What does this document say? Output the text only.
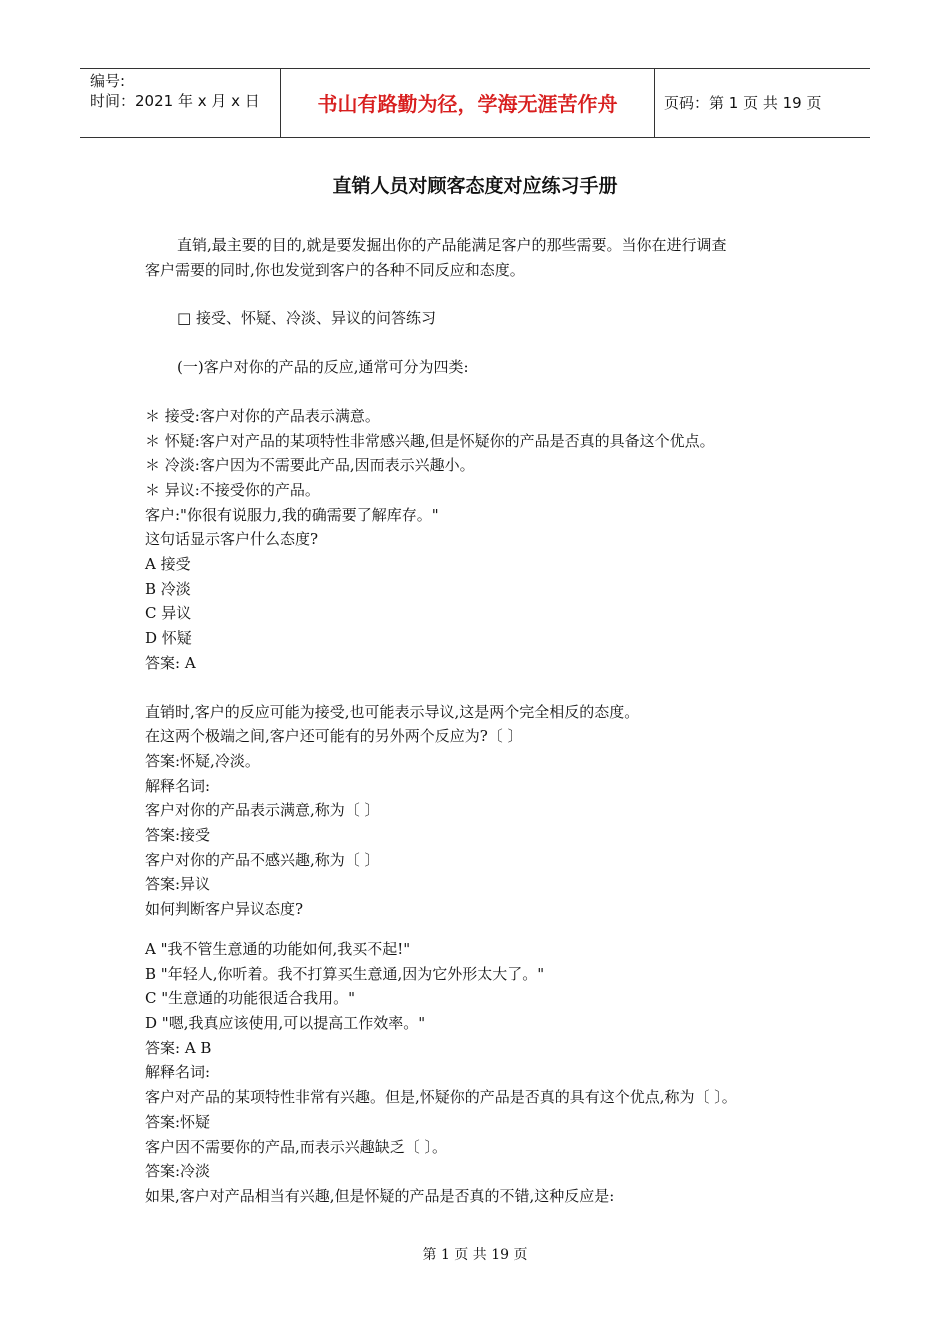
编号:
时间：2021 年 x 月 x 日	书山有路勤为径，学海无涯苦作舟	页码：第 1 页 共 19 页
直销人员对顾客态度对应练习手册

直销,最主要的目的,就是要发掘出你的产品能满足客户的那些需要。当你在进行调查

客户需要的同时,你也发觉到客户的各种不同反应和态度。

□ 接受、怀疑、冷淡、异议的问答练习

(一)客户对你的产品的反应,通常可分为四类:

＊ 接受:客户对你的产品表示满意。

＊ 怀疑:客户对产品的某项特性非常感兴趣,但是怀疑你的产品是否真的具备这个优点。

＊ 冷淡:客户因为不需要此产品,因而表示兴趣小。

＊ 异议:不接受你的产品。

客户:"你很有说服力,我的确需要了解库存。"

这句话显示客户什么态度?

A 接受

B 冷淡

C 异议

D 怀疑

答案: A

直销时,客户的反应可能为接受,也可能表示导议,这是两个完全相反的态度。

在这两个极端之间,客户还可能有的另外两个反应为?〔 〕

答案:怀疑,冷淡。

解释名词:

客户对你的产品表示满意,称为〔 〕

答案:接受

客户对你的产品不感兴趣,称为〔 〕

答案:异议

如何判断客户异议态度?

A "我不管生意通的功能如何,我买不起!"

B "年轻人,你听着。我不打算买生意通,因为它外形太大了。"

C "生意通的功能很适合我用。"

D "嗯,我真应该使用,可以提高工作效率。"

答案: A B

解释名词:

客户对产品的某项特性非常有兴趣。但是,怀疑你的产品是否真的具有这个优点,称为〔 〕。

答案:怀疑

客户因不需要你的产品,而表示兴趣缺乏〔 〕。

答案:冷淡

如果,客户对产品相当有兴趣,但是怀疑的产品是否真的不错,这种反应是:

第 1 页 共 19 页
